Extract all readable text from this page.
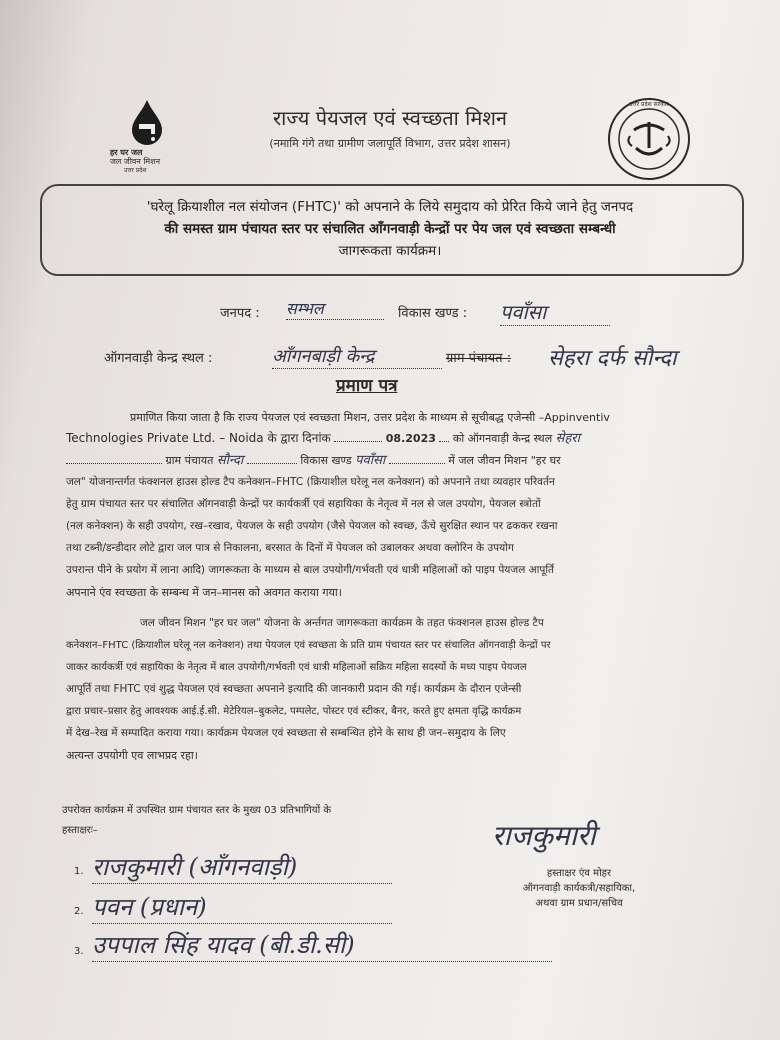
हर घर जल
जल जीवन मिशन
उत्तर प्रदेश
राज्य पेयजल एवं स्वच्छता मिशन
(नमामि गंगे तथा ग्रामीण जलापूर्ति विभाग, उत्तर प्रदेश शासन)
उत्तर प्रदेश सरकार
'घरेलू क्रियाशील नल संयोजन (FHTC)' को अपनाने के लिये समुदाय को प्रेरित किये जाने हेतु जनपद
की समस्त ग्राम पंचायत स्तर पर संचालित आँगनवाड़ी केन्द्रों पर पेय जल एवं स्वच्छता सम्बन्धी
जागरूकता कार्यक्रम।
जनपद : सम्भल	विकास खण्ड : पवाँसा
ऑगनवाड़ी केन्द्र स्थल :	आँगनबाड़ी केन्द्र	ग्राम पंचायत : सेहरा दर्फ सौन्दा
प्रमाण पत्र
प्रमाणित किया जाता है कि राज्य पेयजल एवं स्वच्छता मिशन, उत्तर प्रदेश के माध्यम से सूचीबद्ध एजेन्सी –Appinventiv
Technologies Private Ltd. – Noida के द्वारा दिनांक	08.2023 को ऑगनवाड़ी केन्द्र स्थल सेहरा
ग्राम पंचायत सौन्दा	विकास खण्ड पवाँसा	में जल जीवन मिशन "हर घर
जल" योजनान्तर्गत फंक्शनल हाउस होल्ड टैप कनेक्शन–FHTC (क्रियाशील घरेलू नल कनेक्शन) को अपनाने तथा व्यवहार परिवर्तन
हेतु ग्राम पंचायत स्तर पर संचालित ऑगनवाड़ी केन्द्रों पर कार्यकर्त्री एवं सहायिका के नेतृत्व में नल से जल उपयोग, पेयजल स्त्रोतों
(नल कनेक्शन) के सही उपयोग, रख–रखाव, पेयजल के सही उपयोग (जैसे पेयजल को स्वच्छ, ऊँचे सुरक्षित स्थान पर ढककर रखना
तथा टब्नी/डन्डीदार लोटे द्वारा जल पात्र से निकालना, बरसात के दिनों में पेयजल को उबालकर अथवा क्लोरिन के उपयोग
उपरान्त पीने के प्रयोग में लाना आदि) जागरूकता के माध्यम से बाल उपयोगी/गर्भवती एवं धात्री महिलाओं को पाइप पेयजल आपूर्ति
अपनाने एंव स्वच्छता के सम्बन्ध में जन–मानस को अवगत कराया गया।
जल जीवन मिशन "हर घर जल" योजना के अर्न्तगत जागरूकता कार्यक्रम के तहत फंक्शनल हाउस होल्ड टैप
कनेक्शन–FHTC (क्रियाशील घरेलू नल कनेक्शन) तथा पेयजल एवं स्वच्छता के प्रति ग्राम पंचायत स्तर पर संचालित ऑगनवाड़ी केन्द्रों पर
जाकर कार्यकर्त्री एवं सहायिका के नेतृत्व में बाल उपयोगी/गर्भवती एवं धात्री महिलाओं सक्रिय महिला सदस्यों के मध्य पाइप पेयजल
आपूर्ति तथा FHTC एवं शुद्ध पेयजल एवं स्वच्छता अपनाने इत्यादि की जानकारी प्रदान की गई। कार्यक्रम के दौरान एजेन्सी
द्वारा प्रचार–प्रसार हेतु आवश्यक आई.ई.सी. मेटेरियल–बुकलेट, पम्पलेट, पोस्टर एवं स्टीकर, बैनर, करते हुए क्षमता वृद्धि कार्यक्रम
में देख–रेख में सम्पादित कराया गया। कार्यक्रम पेयजल एवं स्वच्छता से सम्बन्धित होने के साथ ही जन–समुदाय के लिए
अत्यन्त उपयोगी एव लाभप्रद रहा।
उपरोक्त कार्यक्रम में उपस्थित ग्राम पंचायत स्तर के मुख्य 03 प्रतिभागियों के
हस्ताक्षरः–
1. राजकुमारी (आँगनवाड़ी)
2. पवन (प्रधान)
3. उपपाल सिंह यादव (बी.डी.सी)
राजकुमारी
हस्ताक्षर एंव मोहर
ऑगनवाड़ी कार्यकत्री/सहायिका,
अथवा ग्राम प्रधान/सचिव
